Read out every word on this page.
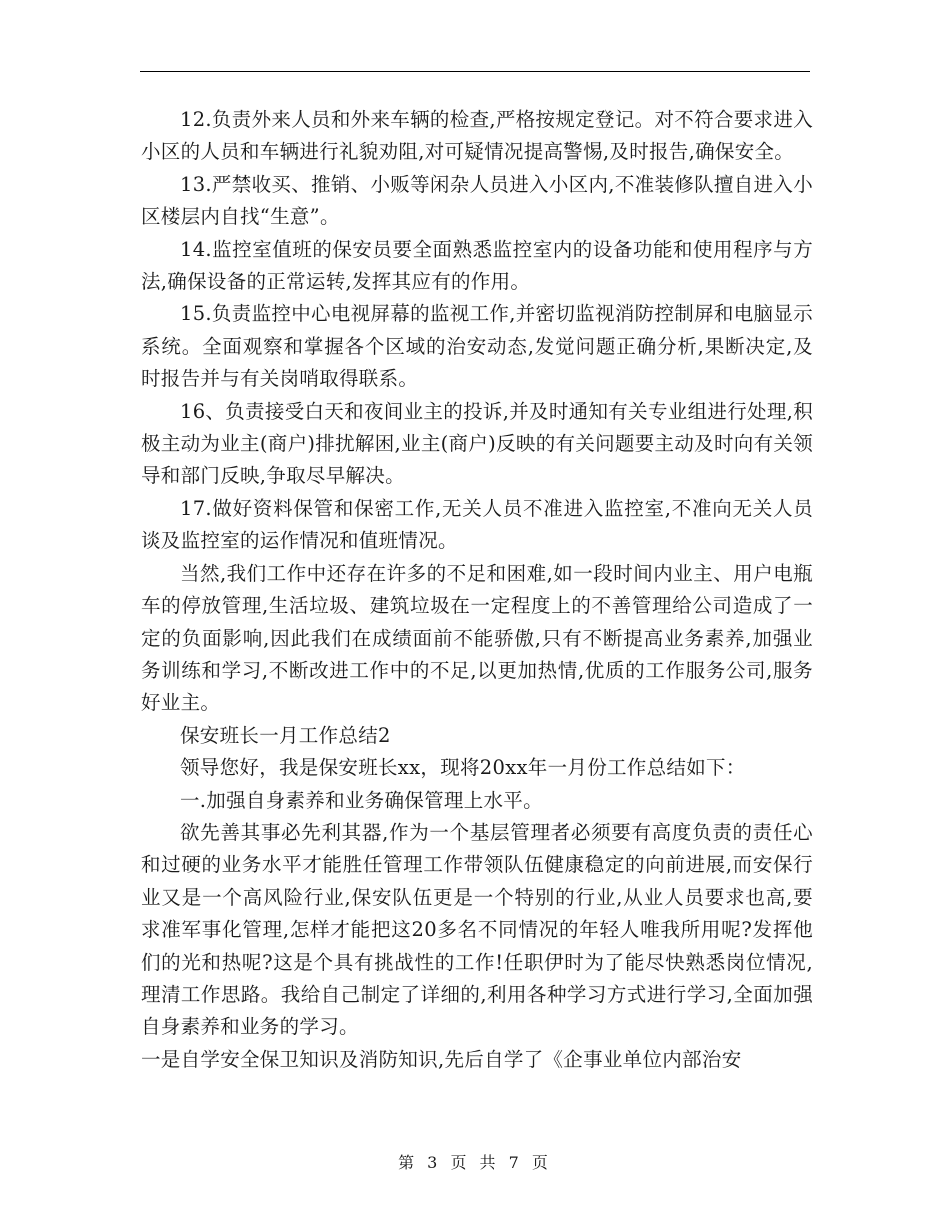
12.负责外来人员和外来车辆的检查,严格按规定登记。对不符合要求进入小区的人员和车辆进行礼貌劝阻,对可疑情况提高警惕,及时报告,确保安全。

13.严禁收买、推销、小贩等闲杂人员进入小区内,不准装修队擅自进入小区楼层内自找“生意”。

14.监控室值班的保安员要全面熟悉监控室内的设备功能和使用程序与方法,确保设备的正常运转,发挥其应有的作用。

15.负责监控中心电视屏幕的监视工作,并密切监视消防控制屏和电脑显示系统。全面观察和掌握各个区域的治安动态,发觉问题正确分析,果断决定,及时报告并与有关岗哨取得联系。

16、负责接受白天和夜间业主的投诉,并及时通知有关专业组进行处理,积极主动为业主(商户)排扰解困,业主(商户)反映的有关问题要主动及时向有关领导和部门反映,争取尽早解决。

17.做好资料保管和保密工作,无关人员不准进入监控室,不准向无关人员谈及监控室的运作情况和值班情况。

当然,我们工作中还存在许多的不足和困难,如一段时间内业主、用户电瓶车的停放管理,生活垃圾、建筑垃圾在一定程度上的不善管理给公司造成了一定的负面影响,因此我们在成绩面前不能骄傲,只有不断提高业务素养,加强业务训练和学习,不断改进工作中的不足,以更加热情,优质的工作服务公司,服务好业主。

保安班长一月工作总结2

领导您好，我是保安班长xx，现将20xx年一月份工作总结如下：

一.加强自身素养和业务确保管理上水平。

欲先善其事必先利其器,作为一个基层管理者必须要有高度负责的责任心和过硬的业务水平才能胜任管理工作带领队伍健康稳定的向前进展,而安保行业又是一个高风险行业,保安队伍更是一个特别的行业,从业人员要求也高,要求准军事化管理,怎样才能把这20多名不同情况的年轻人唯我所用呢?发挥他们的光和热呢?这是个具有挑战性的工作!任职伊时为了能尽快熟悉岗位情况,理清工作思路。我给自己制定了详细的,利用各种学习方式进行学习,全面加强自身素养和业务的学习。

一是自学安全保卫知识及消防知识,先后自学了《企事业单位内部治安

第 3 页 共 7 页
